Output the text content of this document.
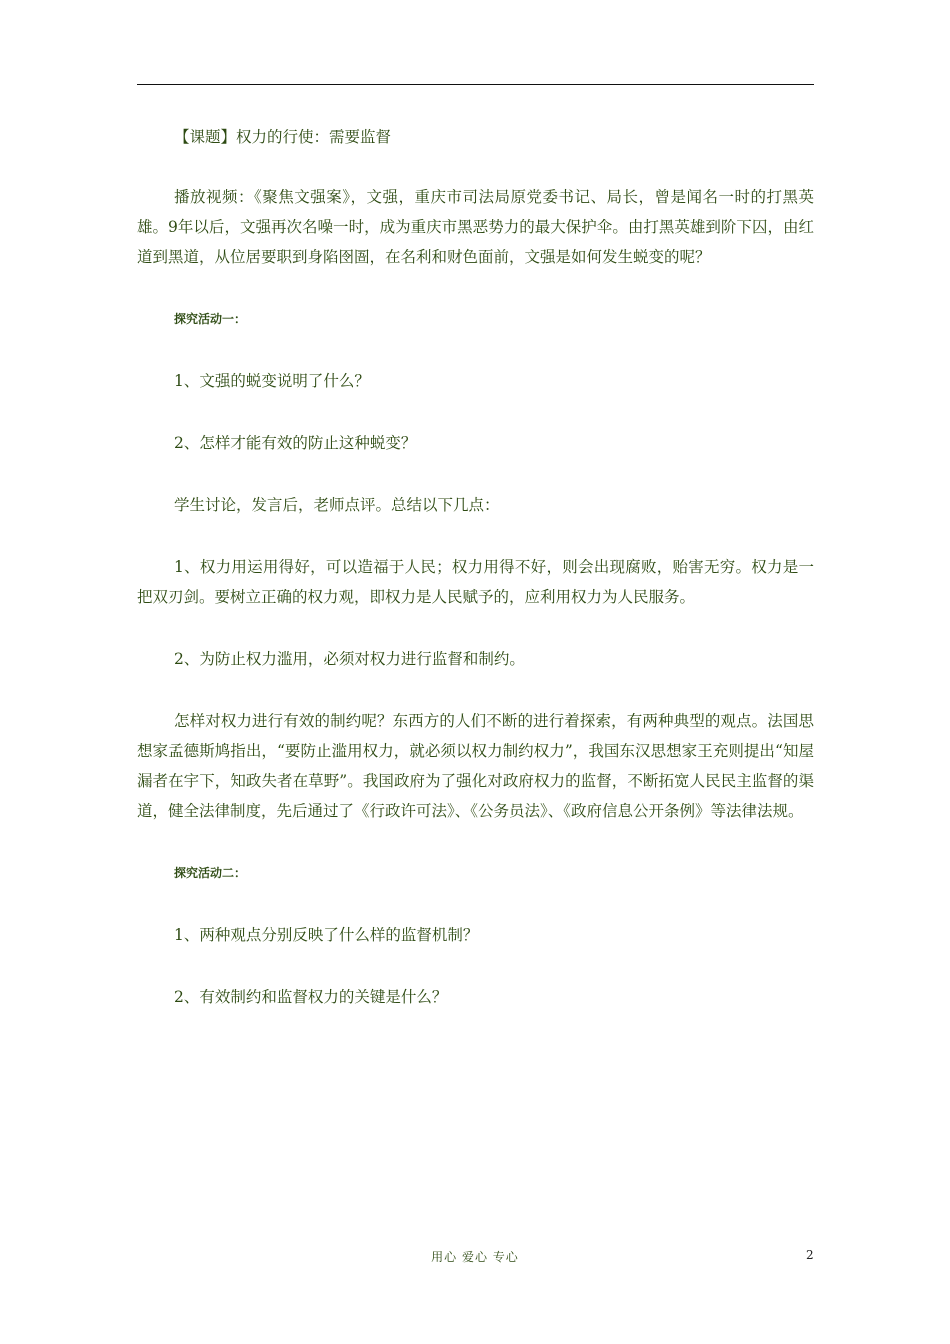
【课题】权力的行使：需要监督

播放视频：《聚焦文强案》，文强，重庆市司法局原党委书记、局长，曾是闻名一时的打黑英雄。9年以后，文强再次名噪一时，成为重庆市黑恶势力的最大保护伞。由打黑英雄到阶下囚，由红道到黑道，从位居要职到身陷囹圄，在名利和财色面前，文强是如何发生蜕变的呢？

探究活动一：

1、文强的蜕变说明了什么？

2、怎样才能有效的防止这种蜕变？

学生讨论，发言后，老师点评。总结以下几点：

1、权力用运用得好，可以造福于人民；权力用得不好，则会出现腐败，贻害无穷。权力是一把双刃剑。要树立正确的权力观，即权力是人民赋予的，应利用权力为人民服务。

2、为防止权力滥用，必须对权力进行监督和制约。

怎样对权力进行有效的制约呢？东西方的人们不断的进行着探索，有两种典型的观点。法国思想家孟德斯鸠指出，“要防止滥用权力，就必须以权力制约权力”，我国东汉思想家王充则提出“知屋漏者在宇下，知政失者在草野”。我国政府为了强化对政府权力的监督，不断拓宽人民民主监督的渠道，健全法律制度，先后通过了《行政许可法》、《公务员法》、《政府信息公开条例》等法律法规。

探究活动二：

1、两种观点分别反映了什么样的监督机制？

2、有效制约和监督权力的关键是什么？

用心 爱心 专心	2
